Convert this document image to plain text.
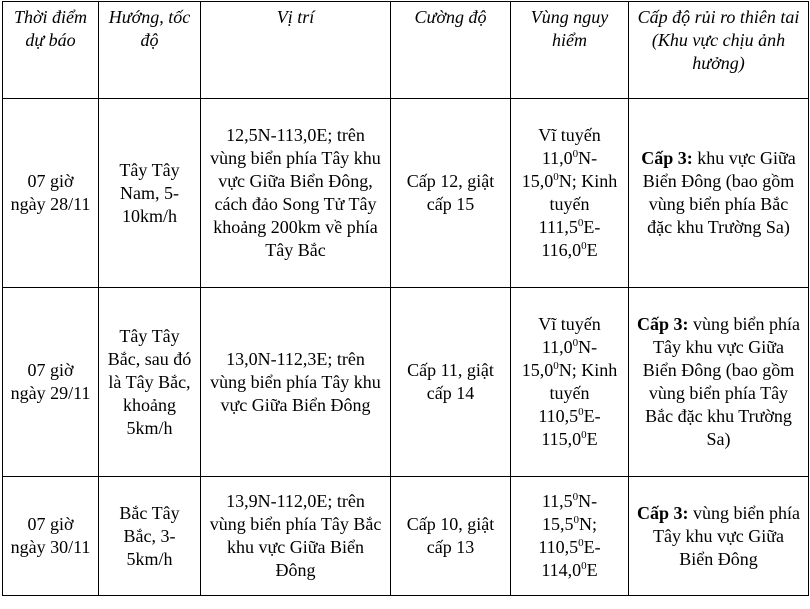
Thời điểm dự báo	Hướng, tốc độ	Vị trí	Cường độ	Vùng nguy hiểm	Cấp độ rủi ro thiên tai (Khu vực chịu ảnh hưởng)
07 giờ ngày 28/11	Tây Tây Nam, 5-10km/h	12,5N-113,0E; trên vùng biển phía Tây khu vực Giữa Biển Đông, cách đảo Song Tử Tây khoảng 200km về phía Tây Bắc	Cấp 12, giật cấp 15	Vĩ tuyến 11,0$^0$N-15,0$^0$N; Kinh tuyến 111,5$^0$E-116,0$^0$E	Cấp 3: khu vực Giữa Biển Đông (bao gồm vùng biển phía Bắc đặc khu Trường Sa)
07 giờ ngày 29/11	Tây Tây Bắc, sau đó là Tây Bắc, khoảng 5km/h	13,0N-112,3E; trên vùng biển phía Tây khu vực Giữa Biển Đông	Cấp 11, giật cấp 14	Vĩ tuyến 11,0$^0$N-15,0$^0$N; Kinh tuyến 110,5$^0$E-115,0$^0$E	Cấp 3: vùng biển phía Tây khu vực Giữa Biển Đông (bao gồm vùng biển phía Tây Bắc đặc khu Trường Sa)
07 giờ ngày 30/11	Bắc Tây Bắc, 3-5km/h	13,9N-112,0E; trên vùng biển phía Tây Bắc khu vực Giữa Biển Đông	Cấp 10, giật cấp 13	11,5$^0$N-15,5$^0$N; 110,5$^0$E-114,0$^0$E	Cấp 3: vùng biển phía Tây khu vực Giữa Biển Đông
